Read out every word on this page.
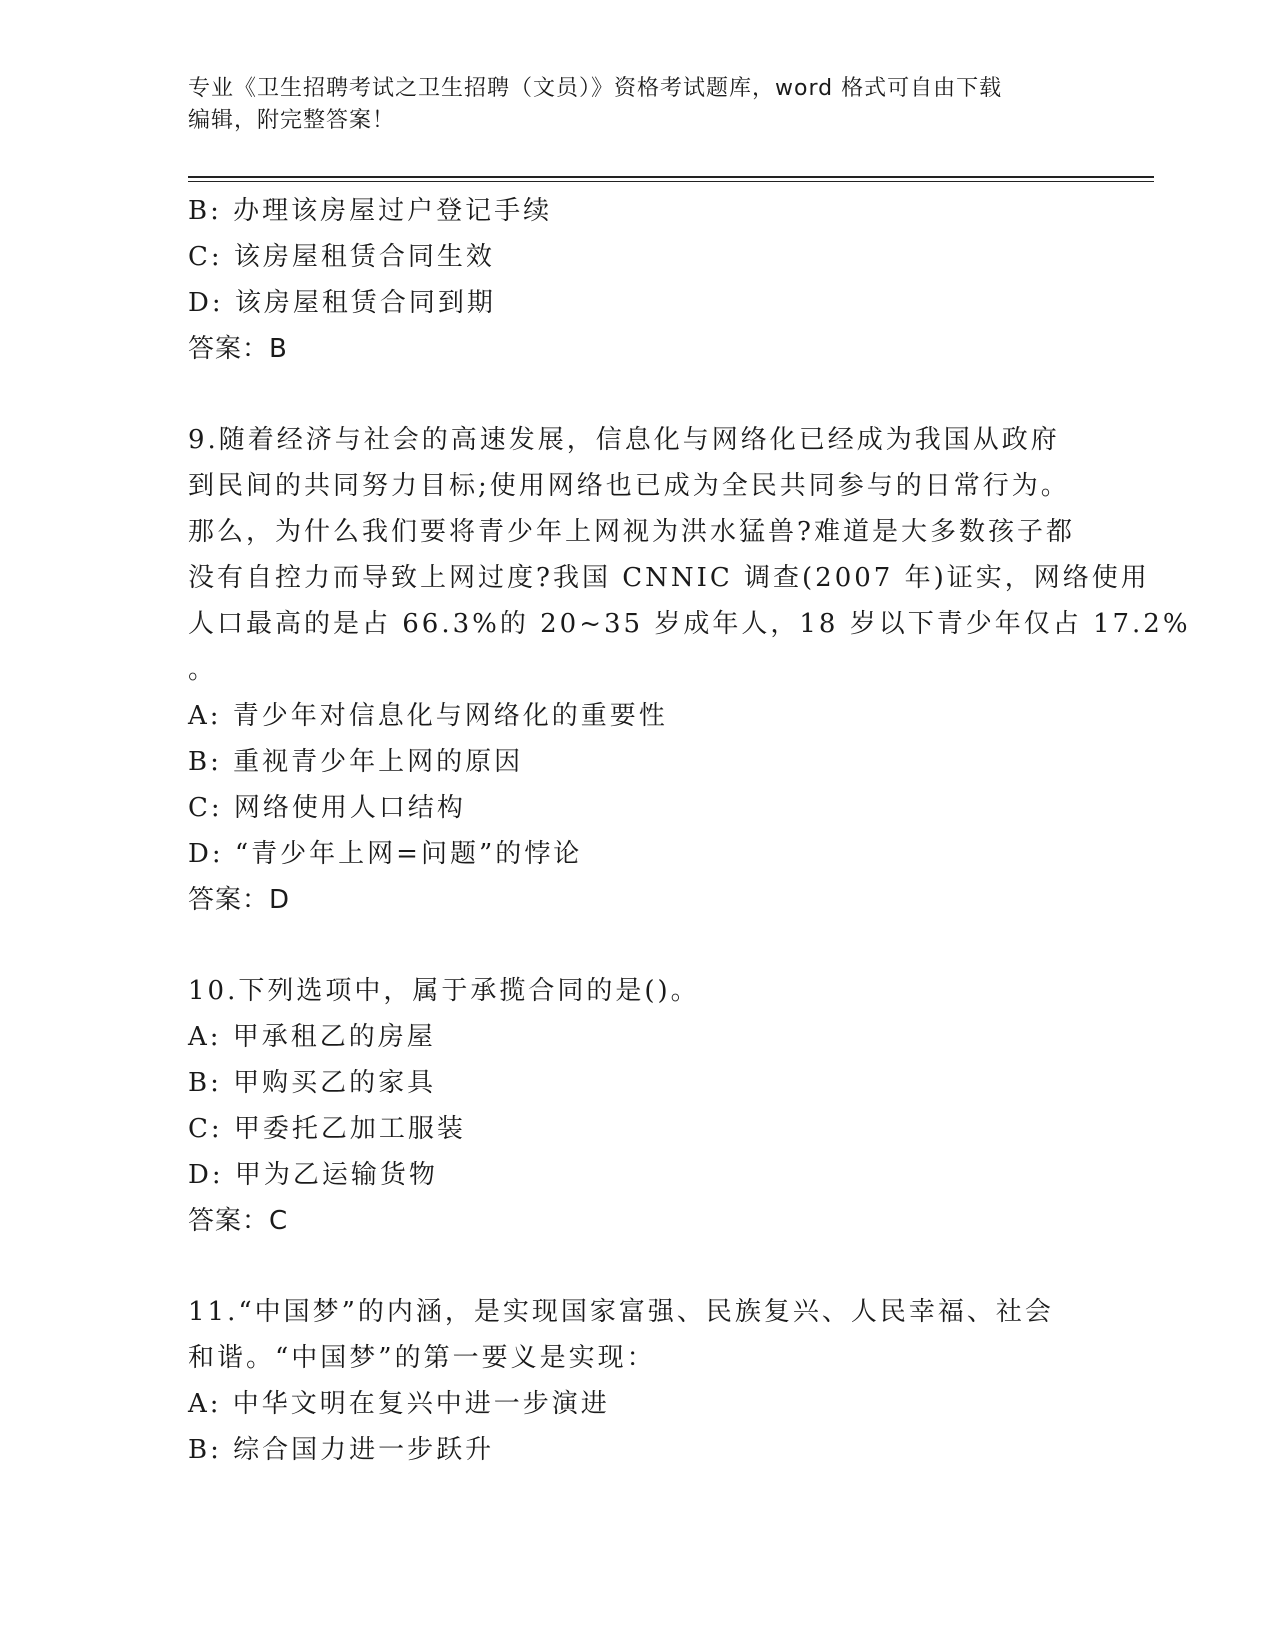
专业《卫生招聘考试之卫生招聘（文员）》资格考试题库，word 格式可自由下载
编辑，附完整答案！
B: 办理该房屋过户登记手续
C: 该房屋租赁合同生效
D: 该房屋租赁合同到期
答案：B
9.随着经济与社会的高速发展，信息化与网络化已经成为我国从政府
到民间的共同努力目标;使用网络也已成为全民共同参与的日常行为。
那么，为什么我们要将青少年上网视为洪水猛兽?难道是大多数孩子都
没有自控力而导致上网过度?我国 CNNIC 调查(2007 年)证实，网络使用
人口最高的是占 66.3%的 20~35 岁成年人，18 岁以下青少年仅占 17.2%
。
A: 青少年对信息化与网络化的重要性
B: 重视青少年上网的原因
C: 网络使用人口结构
D: “青少年上网=问题”的悖论
答案：D
10.下列选项中，属于承揽合同的是()。
A: 甲承租乙的房屋
B: 甲购买乙的家具
C: 甲委托乙加工服装
D: 甲为乙运输货物
答案：C
11.“中国梦”的内涵，是实现国家富强、民族复兴、人民幸福、社会
和谐。“中国梦”的第一要义是实现：
A: 中华文明在复兴中进一步演进
B: 综合国力进一步跃升
